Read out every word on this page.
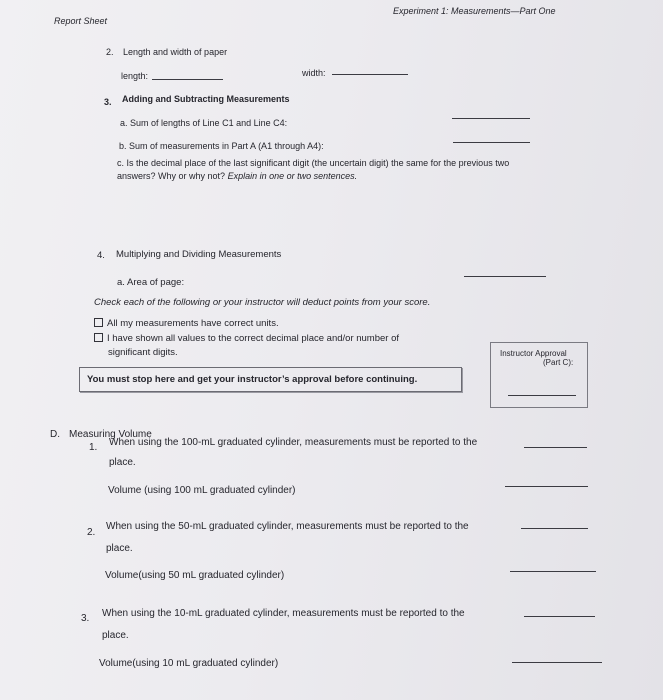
Report Sheet
Experiment 1: Measurements—Part One
2. Length and width of paper
length:	width:
3. Adding and Subtracting Measurements
a. Sum of lengths of Line C1 and Line C4:
b. Sum of measurements in Part A (A1 through A4):
c. Is the decimal place of the last significant digit (the uncertain digit) the same for the previous two
answers? Why or why not? Explain in one or two sentences.
4. Multiplying and Dividing Measurements
a. Area of page:
Check each of the following or your instructor will deduct points from your score.
All my measurements have correct units.
I have shown all values to the correct decimal place and/or number of
significant digits.
You must stop here and get your instructor’s approval before continuing.
Instructor Approval
(Part C):
D. Measuring Volume
1. When using the 100-mL graduated cylinder, measurements must be reported to the
place.
Volume (using 100 mL graduated cylinder)
2.
When using the 50-mL graduated cylinder, measurements must be reported to the
place.
Volume(using 50 mL graduated cylinder)
3. When using the 10-mL graduated cylinder, measurements must be reported to the
place.
Volume(using 10 mL graduated cylinder)
